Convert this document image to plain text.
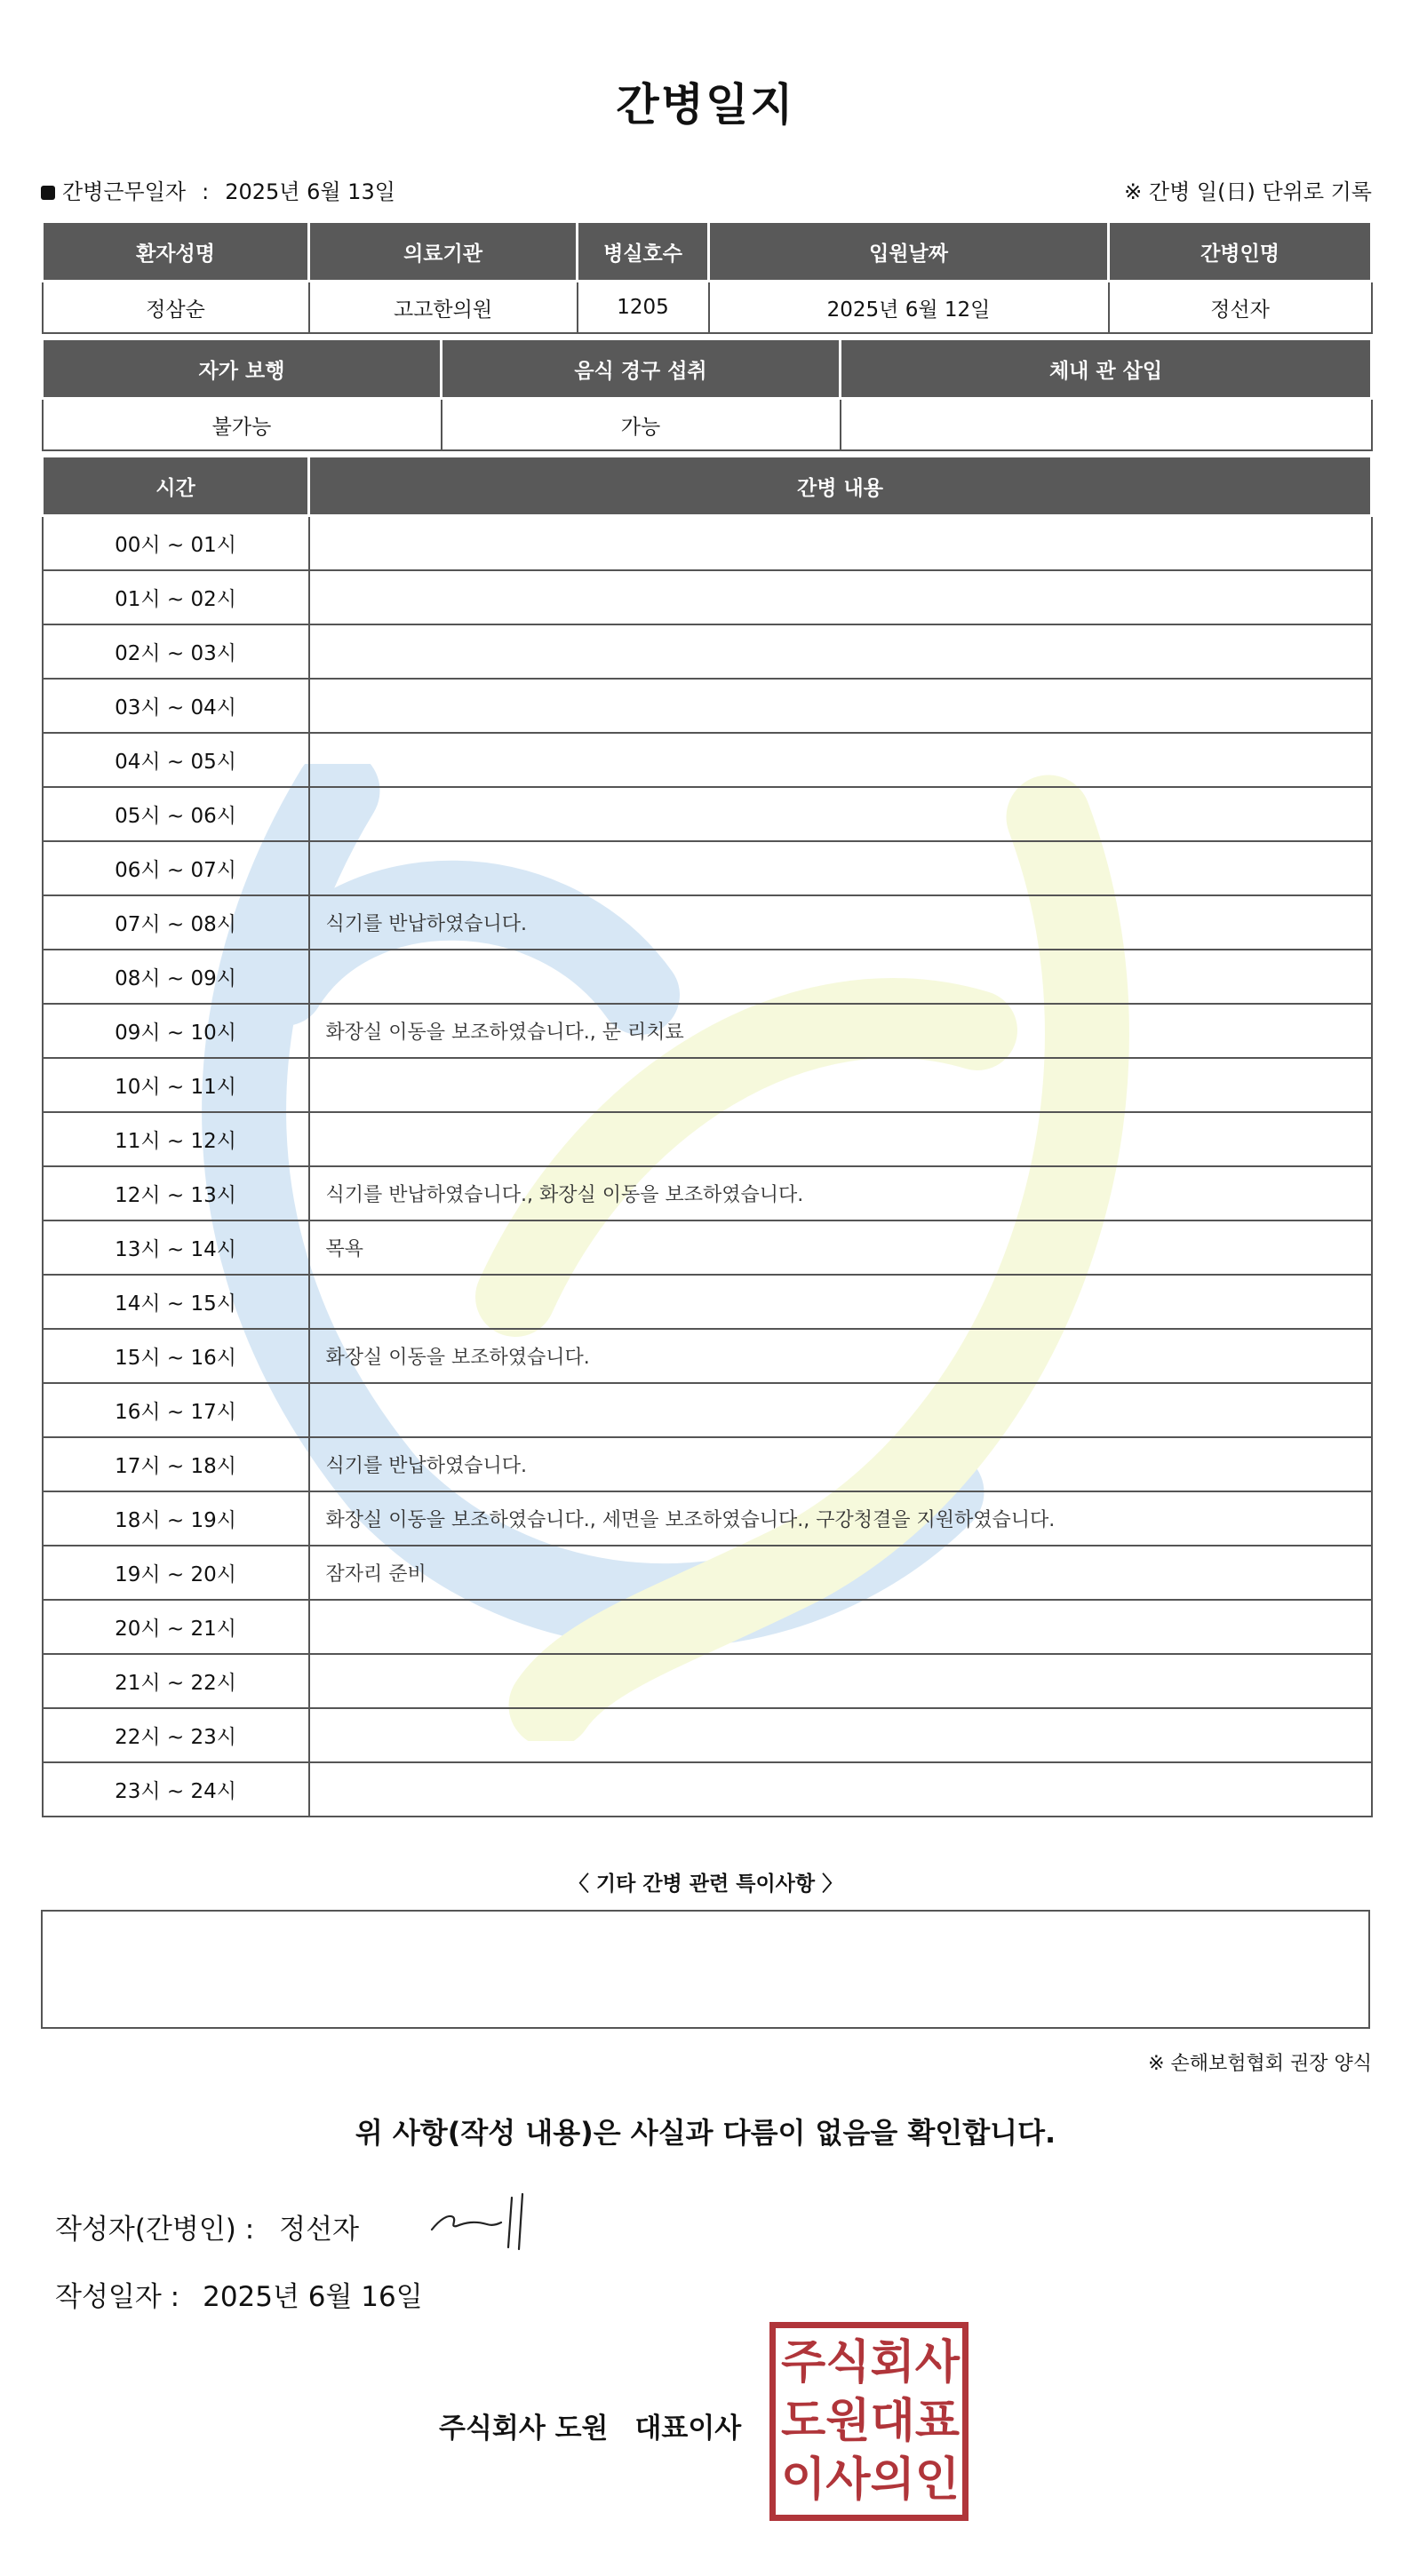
간병일지
간병근무일자 : 2025년 6월 13일	※ 간병 일(日) 단위로 기록
환자성명	의료기관	병실호수	입원날짜	간병인명
정삼순	고고한의원	1205	2025년 6월 12일	정선자
자가 보행	음식 경구 섭취	체내 관 삽입
불가능	가능	
시간	간병 내용
00시 ~ 01시	
01시 ~ 02시	
02시 ~ 03시	
03시 ~ 04시	
04시 ~ 05시	
05시 ~ 06시	
06시 ~ 07시	
07시 ~ 08시	식기를 반납하였습니다.
08시 ~ 09시	
09시 ~ 10시	화장실 이동을 보조하였습니다., 문 리치료
10시 ~ 11시	
11시 ~ 12시	
12시 ~ 13시	식기를 반납하였습니다., 화장실 이동을 보조하였습니다.
13시 ~ 14시	목욕
14시 ~ 15시	
15시 ~ 16시	화장실 이동을 보조하였습니다.
16시 ~ 17시	
17시 ~ 18시	식기를 반납하였습니다.
18시 ~ 19시	화장실 이동을 보조하였습니다., 세면을 보조하였습니다., 구강청결을 지원하였습니다.
19시 ~ 20시	잠자리 준비
20시 ~ 21시	
21시 ~ 22시	
22시 ~ 23시	
23시 ~ 24시	
〈 기타 간병 관련 특이사항 〉
※ 손해보험협회 권장 양식
위 사항(작성 내용)은 사실과 다름이 없음을 확인합니다.
작성자(간병인) : 정선자
작성일자 : 2025년 6월 16일
주식회사 도원 대표이사
주 식 회 사
도 원 대 표
이 사 의 인
